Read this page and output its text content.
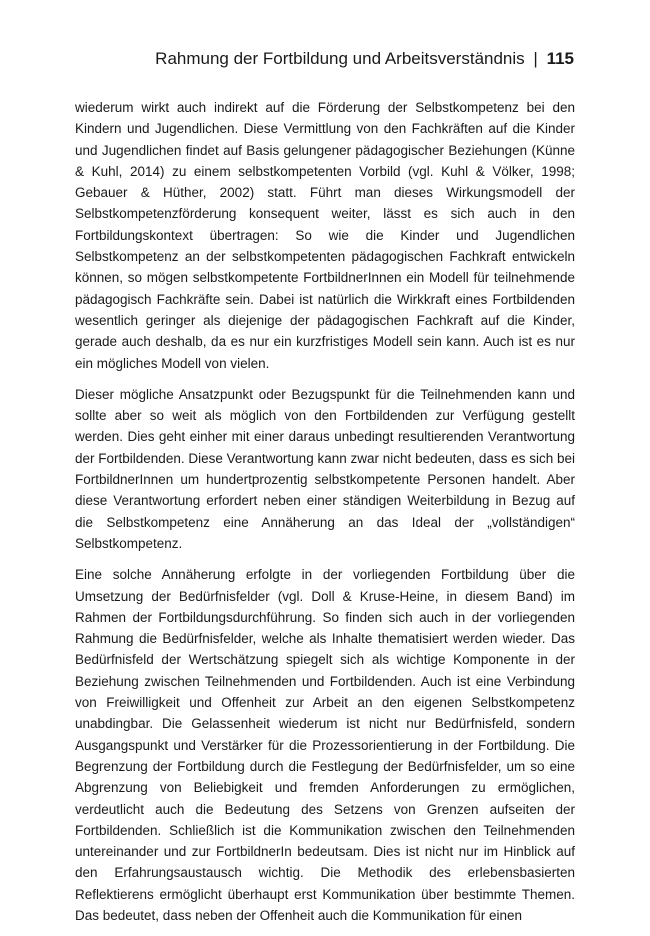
Rahmung der Fortbildung und Arbeitsverständnis | 115

wiederum wirkt auch indirekt auf die Förderung der Selbstkompetenz bei den Kindern und Jugendlichen. Diese Vermittlung von den Fachkräften auf die Kinder und Jugendlichen findet auf Basis gelungener pädagogischer Beziehungen (Künne & Kuhl, 2014) zu einem selbstkompetenten Vorbild (vgl. Kuhl & Völker, 1998; Gebauer & Hüther, 2002) statt. Führt man dieses Wirkungsmodell der Selbstkompetenzförderung konsequent weiter, lässt es sich auch in den Fortbildungskontext übertragen: So wie die Kinder und Jugendlichen Selbstkompetenz an der selbstkompetenten pädagogischen Fachkraft entwickeln können, so mögen selbstkompetente FortbildnerInnen ein Modell für teilnehmende pädagogisch Fachkräfte sein. Dabei ist natürlich die Wirkkraft eines Fortbildenden wesentlich geringer als diejenige der pädagogischen Fachkraft auf die Kinder, gerade auch deshalb, da es nur ein kurzfristiges Modell sein kann. Auch ist es nur ein mögliches Modell von vielen.

Dieser mögliche Ansatzpunkt oder Bezugspunkt für die Teilnehmenden kann und sollte aber so weit als möglich von den Fortbildenden zur Verfügung gestellt werden. Dies geht einher mit einer daraus unbedingt resultierenden Verantwortung der Fortbildenden. Diese Verantwortung kann zwar nicht bedeuten, dass es sich bei FortbildnerInnen um hundertprozentig selbstkompetente Personen handelt. Aber diese Verantwortung erfordert neben einer ständigen Weiterbildung in Bezug auf die Selbstkompetenz eine Annäherung an das Ideal der „vollständigen“ Selbstkompetenz.

Eine solche Annäherung erfolgte in der vorliegenden Fortbildung über die Umsetzung der Bedürfnisfelder (vgl. Doll & Kruse-Heine, in diesem Band) im Rahmen der Fortbildungsdurchführung. So finden sich auch in der vorliegenden Rahmung die Bedürfnisfelder, welche als Inhalte thematisiert werden wieder. Das Bedürfnisfeld der Wertschätzung spiegelt sich als wichtige Komponente in der Beziehung zwischen Teilnehmenden und Fortbildenden. Auch ist eine Verbindung von Freiwilligkeit und Offenheit zur Arbeit an den eigenen Selbstkompetenz unabdingbar. Die Gelassenheit wiederum ist nicht nur Bedürfnisfeld, sondern Ausgangspunkt und Verstärker für die Prozessorientierung in der Fortbildung. Die Begrenzung der Fortbildung durch die Festlegung der Bedürfnisfelder, um so eine Abgrenzung von Beliebigkeit und fremden Anforderungen zu ermöglichen, verdeutlicht auch die Bedeutung des Setzens von Grenzen aufseiten der Fortbildenden. Schließlich ist die Kommunikation zwischen den Teilnehmenden untereinander und zur FortbildnerIn bedeutsam. Dies ist nicht nur im Hinblick auf den Erfahrungsaustausch wichtig. Die Methodik des erlebensbasierten Reflektierens ermöglicht überhaupt erst Kommunikation über bestimmte Themen. Das bedeutet, dass neben der Offenheit auch die Kommunikation für einen
